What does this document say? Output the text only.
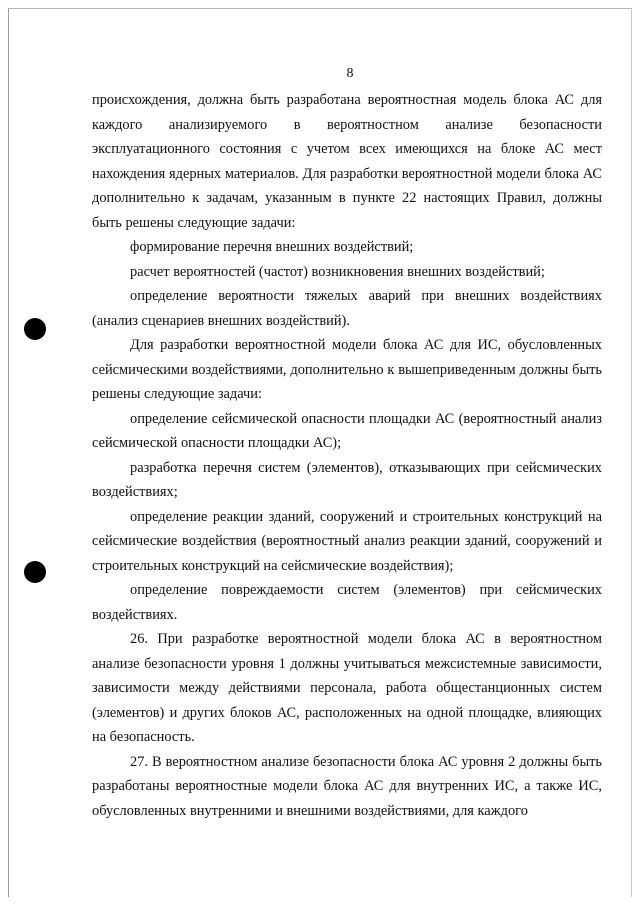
8

происхождения, должна быть разработана вероятностная модель блока АС для каждого анализируемого в вероятностном анализе безопасности эксплуатационного состояния с учетом всех имеющихся на блоке АС мест нахождения ядерных материалов. Для разработки вероятностной модели блока АС дополнительно к задачам, указанным в пункте 22 настоящих Правил, должны быть решены следующие задачи:

формирование перечня внешних воздействий;

расчет вероятностей (частот) возникновения внешних воздействий;

определение вероятности тяжелых аварий при внешних воздействиях (анализ сценариев внешних воздействий).

Для разработки вероятностной модели блока АС для ИС, обусловленных сейсмическими воздействиями, дополнительно к вышеприведенным должны быть решены следующие задачи:

определение сейсмической опасности площадки АС (вероятностный анализ сейсмической опасности площадки АС);

разработка перечня систем (элементов), отказывающих при сейсмических воздействиях;

определение реакции зданий, сооружений и строительных конструкций на сейсмические воздействия (вероятностный анализ реакции зданий, сооружений и строительных конструкций на сейсмические воздействия);

определение повреждаемости систем (элементов) при сейсмических воздействиях.

26. При разработке вероятностной модели блока АС в вероятностном анализе безопасности уровня 1 должны учитываться межсистемные зависимости, зависимости между действиями персонала, работа общестанционных систем (элементов) и других блоков АС, расположенных на одной площадке, влияющих на безопасность.

27. В вероятностном анализе безопасности блока АС уровня 2 должны быть разработаны вероятностные модели блока АС для внутренних ИС, а также ИС, обусловленных внутренними и внешними воздействиями, для каждого
